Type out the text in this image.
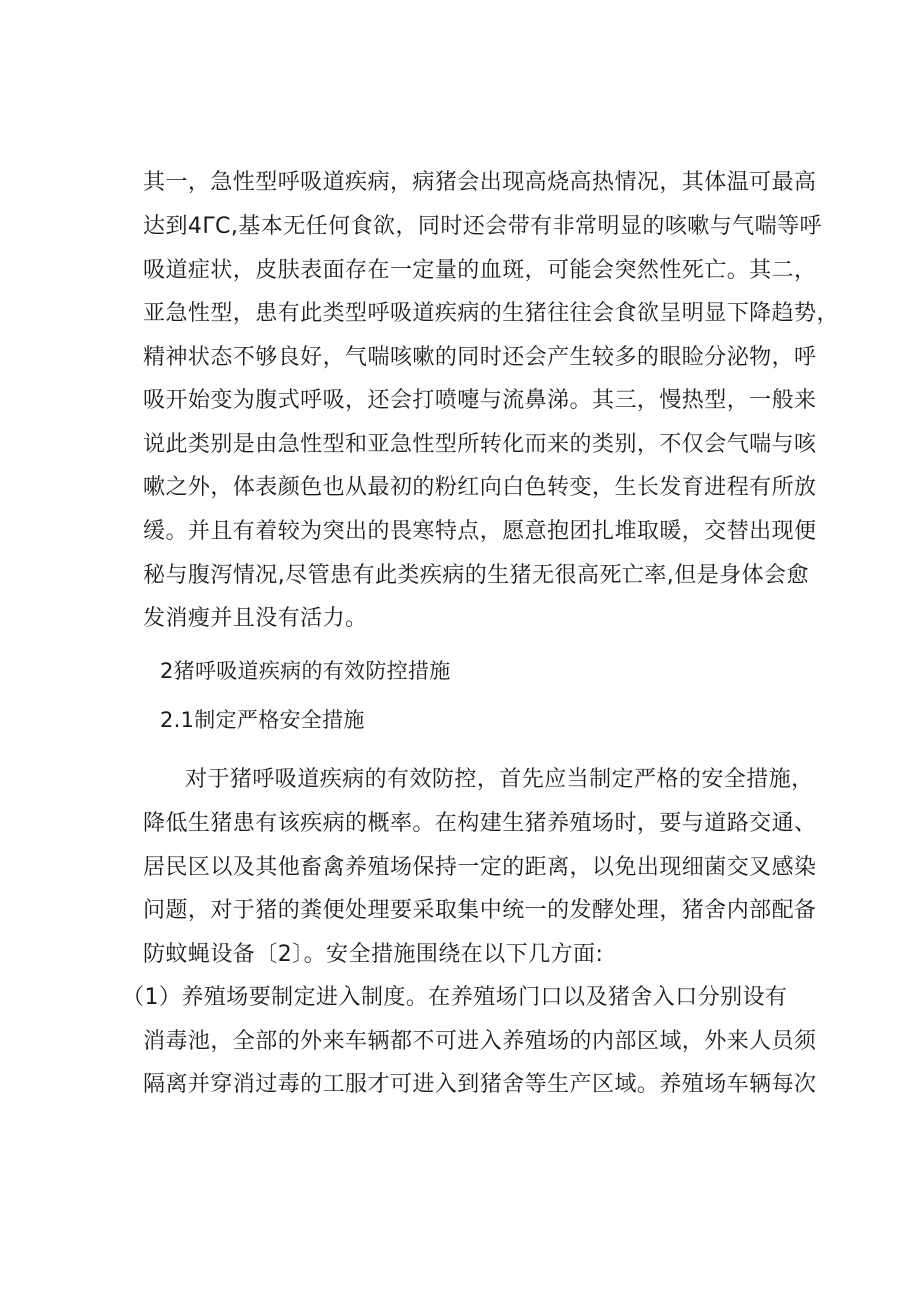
其一，急性型呼吸道疾病，病猪会出现高烧高热情况，其体温可最高
达到4ΓC,基本无任何食欲，同时还会带有非常明显的咳嗽与气喘等呼
吸道症状，皮肤表面存在一定量的血斑，可能会突然性死亡。其二，
亚急性型，患有此类型呼吸道疾病的生猪往往会食欲呈明显下降趋势，
精神状态不够良好，气喘咳嗽的同时还会产生较多的眼睑分泌物，呼
吸开始变为腹式呼吸，还会打喷嚏与流鼻涕。其三，慢热型，一般来
说此类别是由急性型和亚急性型所转化而来的类别，不仅会气喘与咳
嗽之外，体表颜色也从最初的粉红向白色转变，生长发育进程有所放
缓。并且有着较为突出的畏寒特点，愿意抱团扎堆取暖，交替出现便
秘与腹泻情况,尽管患有此类疾病的生猪无很高死亡率,但是身体会愈
发消瘦并且没有活力。
2猪呼吸道疾病的有效防控措施
2.1制定严格安全措施
对于猪呼吸道疾病的有效防控，首先应当制定严格的安全措施，
降低生猪患有该疾病的概率。在构建生猪养殖场时，要与道路交通、
居民区以及其他畜禽养殖场保持一定的距离，以免出现细菌交叉感染
问题，对于猪的粪便处理要采取集中统一的发酵处理，猪舍内部配备
防蚊蝇设备〔2〕。安全措施围绕在以下几方面:
（1）养殖场要制定进入制度。在养殖场门口以及猪舍入口分别设有
消毒池，全部的外来车辆都不可进入养殖场的内部区域，外来人员须
隔离并穿消过毒的工服才可进入到猪舍等生产区域。养殖场车辆每次
